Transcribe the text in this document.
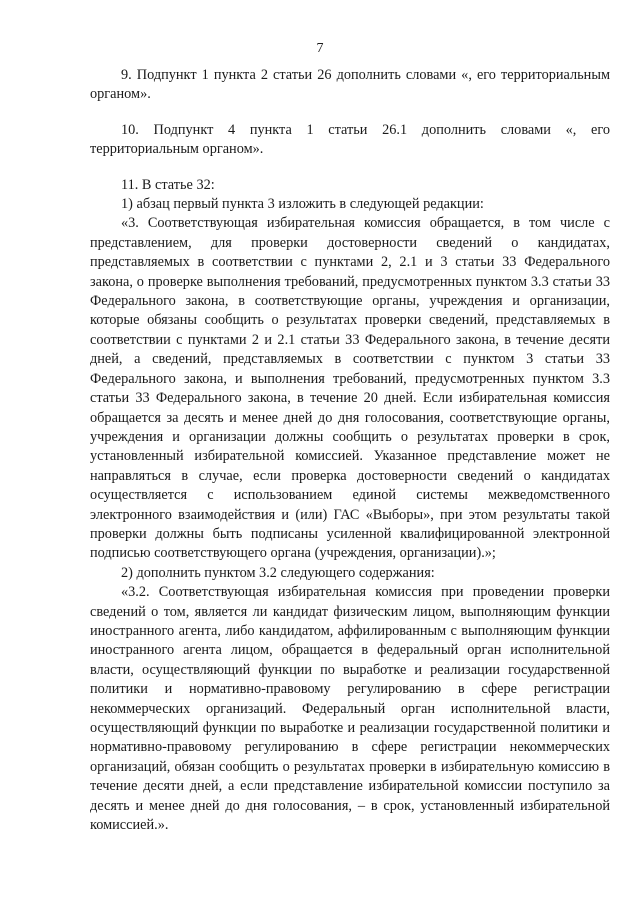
7

9. Подпункт 1 пункта 2 статьи 26 дополнить словами «, его территориальным органом».

10. Подпункт 4 пункта 1 статьи 26.1 дополнить словами «, его территориальным органом».

11. В статье 32:

1) абзац первый пункта 3 изложить в следующей редакции:

«3. Соответствующая избирательная комиссия обращается, в том числе с представлением, для проверки достоверности сведений о кандидатах, представляемых в соответствии с пунктами 2, 2.1 и 3 статьи 33 Федерального закона, о проверке выполнения требований, предусмотренных пунктом 3.3 статьи 33 Федерального закона, в соответствующие органы, учреждения и организации, которые обязаны сообщить о результатах проверки сведений, представляемых в соответствии с пунктами 2 и 2.1 статьи 33 Федерального закона, в течение десяти дней, а сведений, представляемых в соответствии с пунктом 3 статьи 33 Федерального закона, и выполнения требований, предусмотренных пунктом 3.3 статьи 33 Федерального закона, в течение 20 дней. Если избирательная комиссия обращается за десять и менее дней до дня голосования, соответствующие органы, учреждения и организации должны сообщить о результатах проверки в срок, установленный избирательной комиссией. Указанное представление может не направляться в случае, если проверка достоверности сведений о кандидатах осуществляется с использованием единой системы межведомственного электронного взаимодействия и (или) ГАС «Выборы», при этом результаты такой проверки должны быть подписаны усиленной квалифицированной электронной подписью соответствующего органа (учреждения, организации).»;

2) дополнить пунктом 3.2 следующего содержания:

«3.2. Соответствующая избирательная комиссия при проведении проверки сведений о том, является ли кандидат физическим лицом, выполняющим функции иностранного агента, либо кандидатом, аффилированным с выполняющим функции иностранного агента лицом, обращается в федеральный орган исполнительной власти, осуществляющий функции по выработке и реализации государственной политики и нормативно-правовому регулированию в сфере регистрации некоммерческих организаций. Федеральный орган исполнительной власти, осуществляющий функции по выработке и реализации государственной политики и нормативно-правовому регулированию в сфере регистрации некоммерческих организаций, обязан сообщить о результатах проверки в избирательную комиссию в течение десяти дней, а если представление избирательной комиссии поступило за десять и менее дней до дня голосования, – в срок, установленный избирательной комиссией.».
